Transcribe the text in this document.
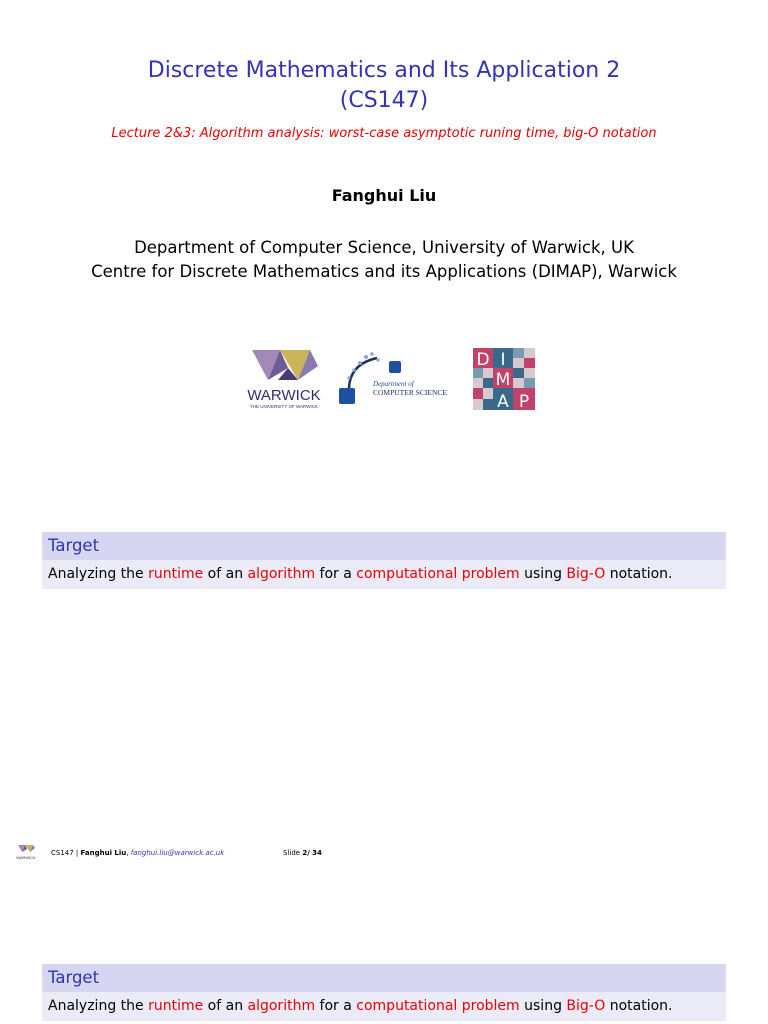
Discrete Mathematics and Its Application 2
(CS147)
Lecture 2&3: Algorithm analysis: worst-case asymptotic runing time, big-O notation
Fanghui Liu
Department of Computer Science, University of Warwick, UK
Centre for Discrete Mathematics and its Applications (DIMAP), Warwick
WARWICK
THE UNIVERSITY OF WARWICK
Department of
COMPUTER SCIENCE
D I
M
A P
Target
Analyzing the runtime of an algorithm for a computational problem using Big-O notation.
WARWICK
CS147 | Fanghui Liu, fanghui.liu@warwick.ac.uk	Slide 2/ 34
Target
Analyzing the runtime of an algorithm for a computational problem using Big-O notation.
